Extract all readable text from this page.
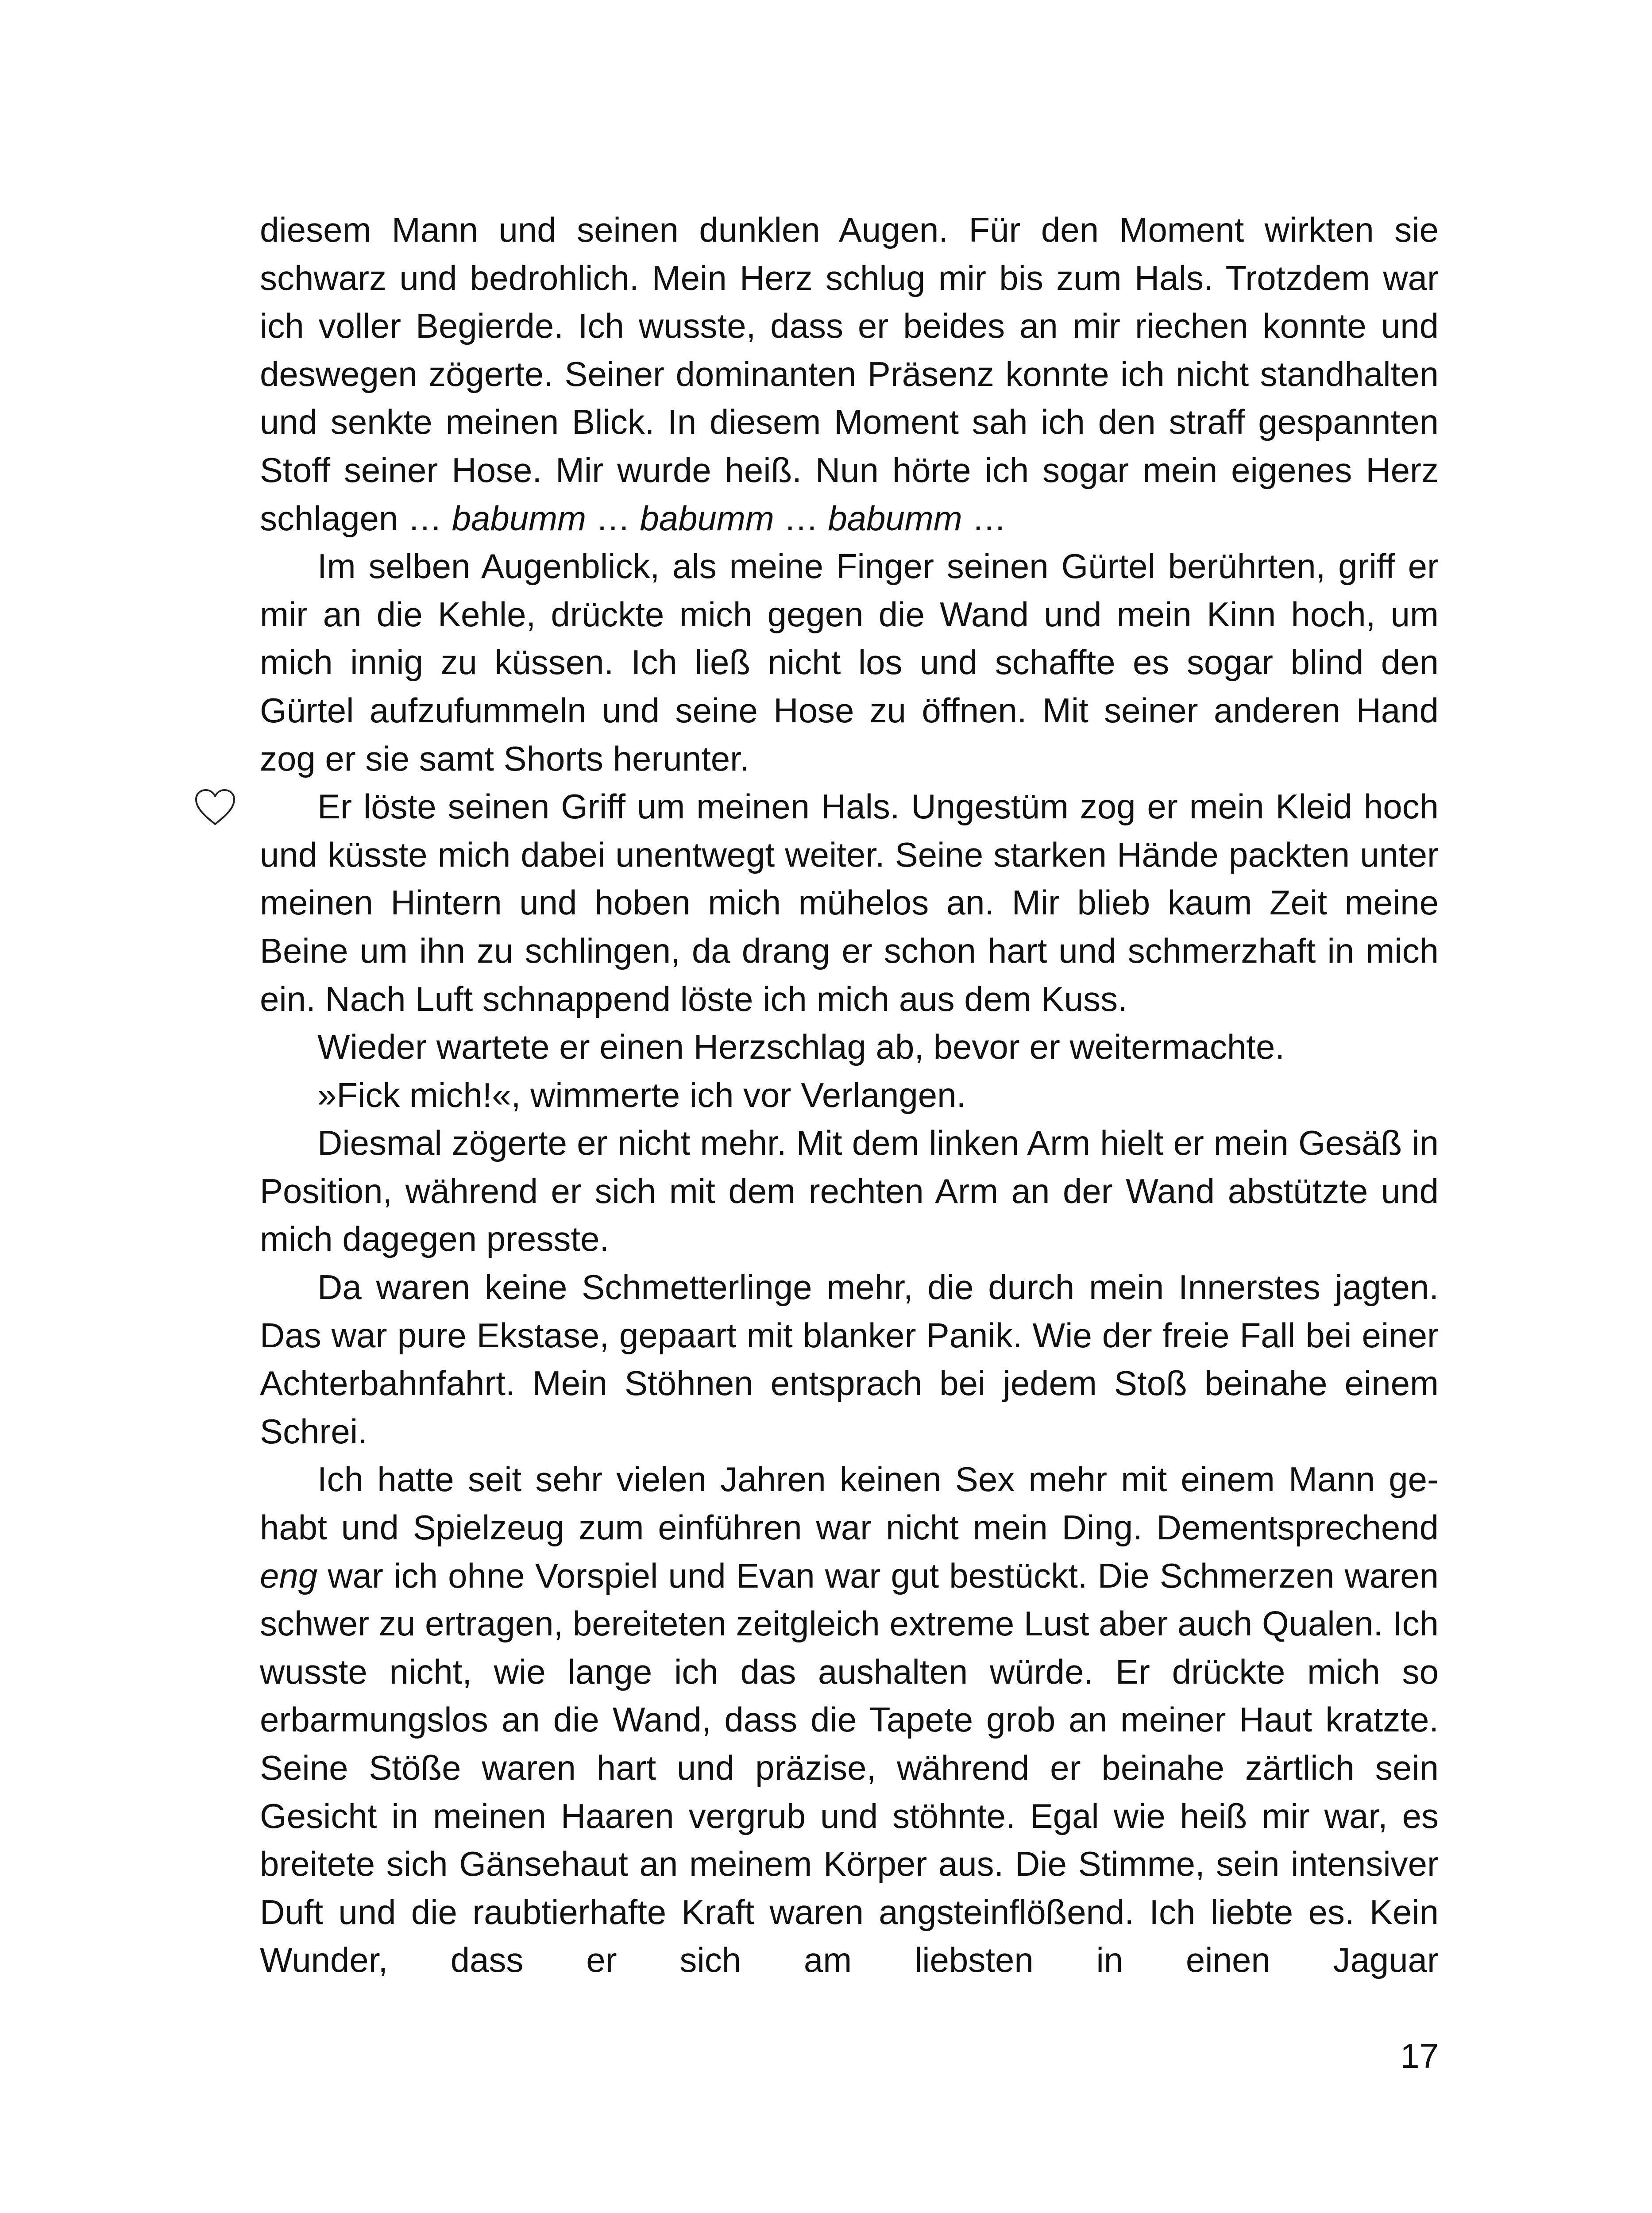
diesem Mann und seinen dunklen Augen. Für den Moment wirkten sie schwarz und bedrohlich. Mein Herz schlug mir bis zum Hals. Trotzdem war ich voller Begierde. Ich wusste, dass er beides an mir riechen konnte und deswegen zögerte. Seiner dominanten Präsenz konnte ich nicht standhalten und senkte meinen Blick. In diesem Moment sah ich den straff gespannten Stoff seiner Hose. Mir wurde heiß. Nun hörte ich sogar mein eigenes Herz schlagen … babumm … babumm … babumm …

Im selben Augenblick, als meine Finger seinen Gürtel berührten, griff er mir an die Kehle, drückte mich gegen die Wand und mein Kinn hoch, um mich innig zu küssen. Ich ließ nicht los und schaffte es sogar blind den Gürtel aufzufummeln und seine Hose zu öffnen. Mit seiner anderen Hand zog er sie samt Shorts herunter.

Er löste seinen Griff um meinen Hals. Ungestüm zog er mein Kleid hoch und küsste mich dabei unentwegt weiter. Seine starken Hände packten unter meinen Hintern und hoben mich mühelos an. Mir blieb kaum Zeit meine Beine um ihn zu schlingen, da drang er schon hart und schmerzhaft in mich ein. Nach Luft schnappend löste ich mich aus dem Kuss.

Wieder wartete er einen Herzschlag ab, bevor er weitermachte.

»Fick mich!«, wimmerte ich vor Verlangen.

Diesmal zögerte er nicht mehr. Mit dem linken Arm hielt er mein Gesäß in Position, während er sich mit dem rechten Arm an der Wand abstützte und mich dagegen presste.

Da waren keine Schmetterlinge mehr, die durch mein Innerstes jagten. Das war pure Ekstase, gepaart mit blanker Panik. Wie der freie Fall bei einer Achterbahnfahrt. Mein Stöhnen entsprach bei jedem Stoß beinahe einem Schrei.

Ich hatte seit sehr vielen Jahren keinen Sex mehr mit einem Mann gehabt und Spielzeug zum einführen war nicht mein Ding. Dementsprechend eng war ich ohne Vorspiel und Evan war gut bestückt. Die Schmerzen waren schwer zu ertragen, bereiteten zeitgleich extreme Lust aber auch Qualen. Ich wusste nicht, wie lange ich das aushalten würde. Er drückte mich so erbarmungslos an die Wand, dass die Tapete grob an meiner Haut kratzte. Seine Stöße waren hart und präzise, während er beinahe zärtlich sein Gesicht in meinen Haaren vergrub und stöhnte. Egal wie heiß mir war, es breitete sich Gänsehaut an meinem Körper aus. Die Stimme, sein intensiver Duft und die raubtierhafte Kraft waren angsteinflößend. Ich liebte es. Kein Wunder, dass er sich am liebsten in einen Jaguar

17
